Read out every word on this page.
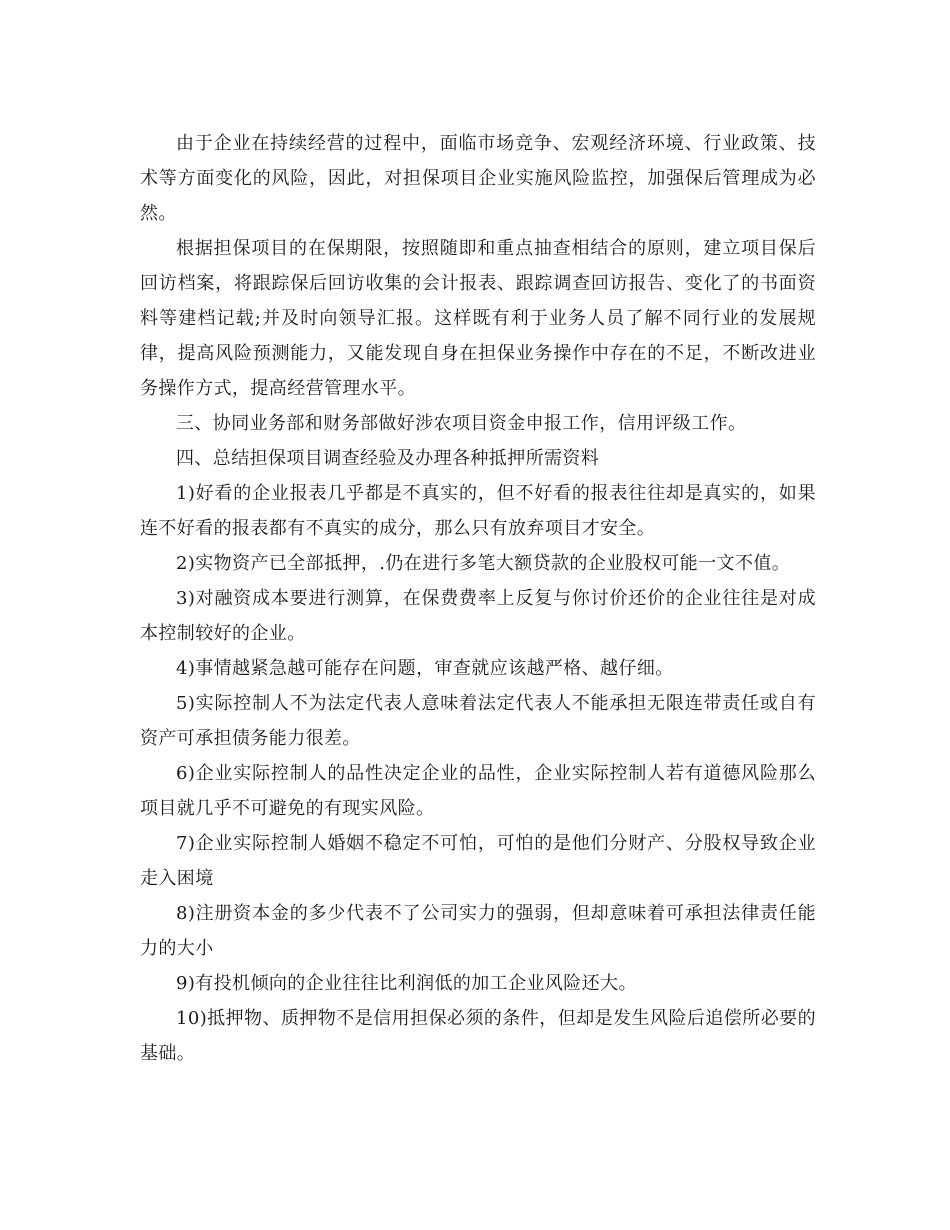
由于企业在持续经营的过程中，面临市场竞争、宏观经济环境、行业政策、技术等方面变化的风险，因此，对担保项目企业实施风险监控，加强保后管理成为必然。

根据担保项目的在保期限，按照随即和重点抽查相结合的原则，建立项目保后回访档案，将跟踪保后回访收集的会计报表、跟踪调查回访报告、变化了的书面资料等建档记载;并及时向领导汇报。这样既有利于业务人员了解不同行业的发展规律，提高风险预测能力，又能发现自身在担保业务操作中存在的不足，不断改进业务操作方式，提高经营管理水平。

三、协同业务部和财务部做好涉农项目资金申报工作，信用评级工作。

四、总结担保项目调查经验及办理各种抵押所需资料

1)好看的企业报表几乎都是不真实的，但不好看的报表往往却是真实的，如果连不好看的报表都有不真实的成分，那么只有放弃项目才安全。

2)实物资产已全部抵押，.仍在进行多笔大额贷款的企业股权可能一文不值。

3)对融资成本要进行测算，在保费费率上反复与你讨价还价的企业往往是对成本控制较好的企业。

4)事情越紧急越可能存在问题，审查就应该越严格、越仔细。

5)实际控制人不为法定代表人意味着法定代表人不能承担无限连带责任或自有资产可承担债务能力很差。

6)企业实际控制人的品性决定企业的品性，企业实际控制人若有道德风险那么项目就几乎不可避免的有现实风险。

7)企业实际控制人婚姻不稳定不可怕，可怕的是他们分财产、分股权导致企业走入困境

8)注册资本金的多少代表不了公司实力的强弱，但却意味着可承担法律责任能力的大小

9)有投机倾向的企业往往比利润低的加工企业风险还大。

10)抵押物、质押物不是信用担保必须的条件，但却是发生风险后追偿所必要的基础。
